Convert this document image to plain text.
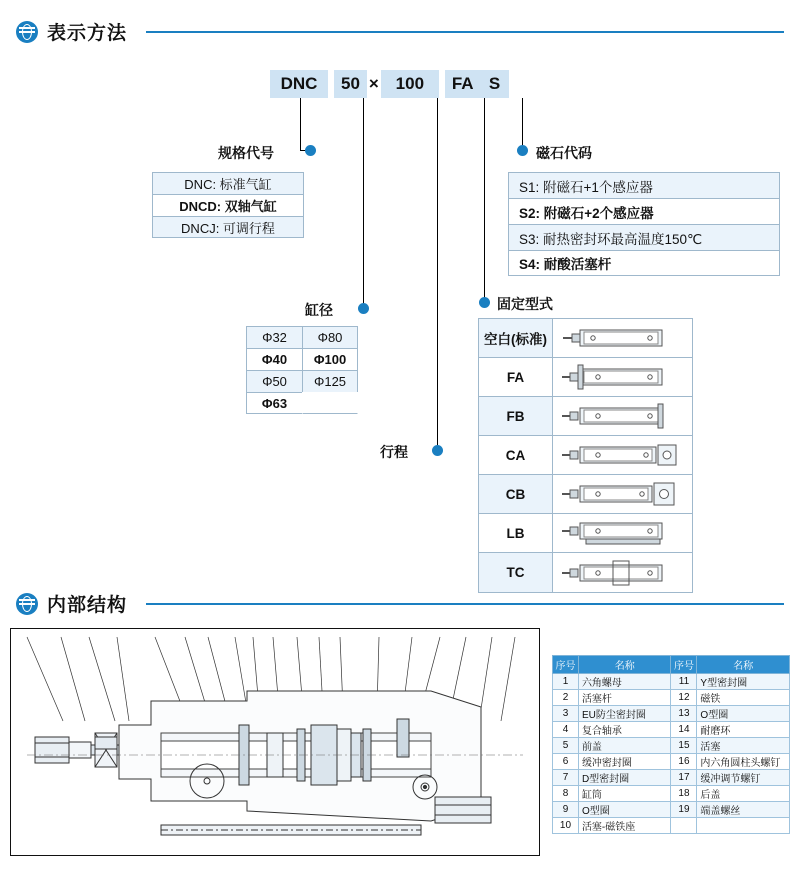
表示方法
DNC	50 × 100	FA S
规格代号
缸径
行程
固定型式
磁石代码
DNC: 标准气缸
DNCD: 双轴气缸
DNCJ: 可调行程
Φ32	Φ80
Φ40	Φ100
Φ50	Φ125
Φ63
S1: 附磁石+1个感应器
S2: 附磁石+2个感应器
S3: 耐热密封环最高温度150℃
S4: 耐酸活塞杆
空白(标准)
FA
FB
CA
CB
LB
TC
内部结构
序号	名称	序号	名称
1	六角螺母	11	Y型密封圈
2	活塞杆	12	磁铁
3	EU防尘密封圈	13	O型圈
4	复合轴承	14	耐磨环
5	前盖	15	活塞
6	缓冲密封圈	16	内六角圆柱头螺钉
7	D型密封圈	17	缓冲调节螺钉
8	缸筒	18	后盖
9	O型圈	19	端盖螺丝
10	活塞-磁铁座		
